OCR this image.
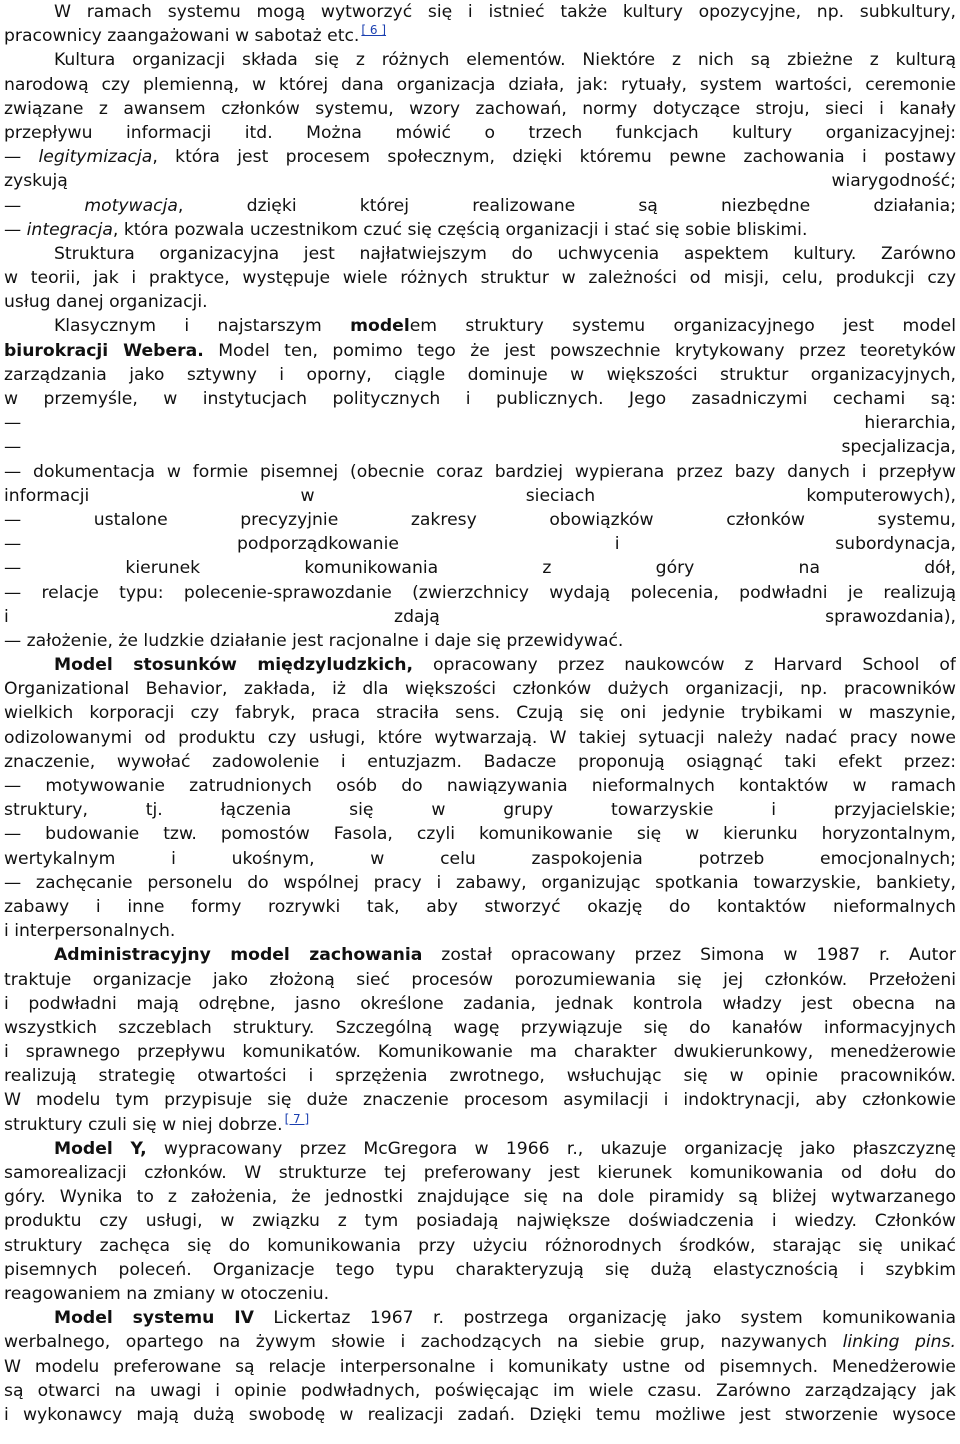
W ramach systemu mogą wytworzyć się i istnieć także kultury opozycyjne, np. subkultury,
pracownicy zaangażowani w sabotaż etc. [ 6 ]
Kultura organizacji składa się z różnych elementów. Niektóre z nich są zbieżne z kulturą
narodową czy plemienną, w której dana organizacja działa, jak: rytuały, system wartości, ceremonie
związane z awansem członków systemu, wzory zachowań, normy dotyczące stroju, sieci i kanały
przepływu informacji itd. Można mówić o trzech funkcjach kultury organizacyjnej:
— legitymizacja, która jest procesem społecznym, dzięki któremu pewne zachowania i postawy
zyskują wiarygodność;
— motywacja, dzięki której realizowane są niezbędne działania;
— integracja, która pozwala uczestnikom czuć się częścią organizacji i stać się sobie bliskimi.
Struktura organizacyjna jest najłatwiejszym do uchwycenia aspektem kultury. Zarówno
w teorii, jak i praktyce, występuje wiele różnych struktur w zależności od misji, celu, produkcji czy
usług danej organizacji.
Klasycznym i najstarszym modelem struktury systemu organizacyjnego jest model
biurokracji Webera. Model ten, pomimo tego że jest powszechnie krytykowany przez teoretyków
zarządzania jako sztywny i oporny, ciągle dominuje w większości struktur organizacyjnych,
w przemyśle, w instytucjach politycznych i publicznych. Jego zasadniczymi cechami są:
— hierarchia,
— specjalizacja,
— dokumentacja w formie pisemnej (obecnie coraz bardziej wypierana przez bazy danych i przepływ
informacji w sieciach komputerowych),
— ustalone precyzyjnie zakresy obowiązków członków systemu,
— podporządkowanie i subordynacja,
— kierunek komunikowania z góry na dół,
— relacje typu: polecenie-sprawozdanie (zwierzchnicy wydają polecenia, podwładni je realizują
i zdają sprawozdania),
— założenie, że ludzkie działanie jest racjonalne i daje się przewidywać.
Model stosunków międzyludzkich, opracowany przez naukowców z Harvard School of
Organizational Behavior, zakłada, iż dla większości członków dużych organizacji, np. pracowników
wielkich korporacji czy fabryk, praca straciła sens. Czują się oni jedynie trybikami w maszynie,
odizolowanymi od produktu czy usługi, które wytwarzają. W takiej sytuacji należy nadać pracy nowe
znaczenie, wywołać zadowolenie i entuzjazm. Badacze proponują osiągnąć taki efekt przez:
— motywowanie zatrudnionych osób do nawiązywania nieformalnych kontaktów w ramach
struktury, tj. łączenia się w grupy towarzyskie i przyjacielskie;
— budowanie tzw. pomostów Fasola, czyli komunikowanie się w kierunku horyzontalnym,
wertykalnym i ukośnym, w celu zaspokojenia potrzeb emocjonalnych;
— zachęcanie personelu do wspólnej pracy i zabawy, organizując spotkania towarzyskie, bankiety,
zabawy i inne formy rozrywki tak, aby stworzyć okazję do kontaktów nieformalnych
i interpersonalnych.
Administracyjny model zachowania został opracowany przez Simona w 1987 r. Autor
traktuje organizacje jako złożoną sieć procesów porozumiewania się jej członków. Przełożeni
i podwładni mają odrębne, jasno określone zadania, jednak kontrola władzy jest obecna na
wszystkich szczeblach struktury. Szczególną wagę przywiązuje się do kanałów informacyjnych
i sprawnego przepływu komunikatów. Komunikowanie ma charakter dwukierunkowy, menedżerowie
realizują strategię otwartości i sprzężenia zwrotnego, wsłuchując się w opinie pracowników.
W modelu tym przypisuje się duże znaczenie procesom asymilacji i indoktrynacji, aby członkowie
struktury czuli się w niej dobrze. [ 7 ]
Model Y, wypracowany przez McGregora w 1966 r., ukazuje organizację jako płaszczyznę
samorealizacji członków. W strukturze tej preferowany jest kierunek komunikowania od dołu do
góry. Wynika to z założenia, że jednostki znajdujące się na dole piramidy są bliżej wytwarzanego
produktu czy usługi, w związku z tym posiadają największe doświadczenia i wiedzy. Członków
struktury zachęca się do komunikowania przy użyciu różnorodnych środków, starając się unikać
pisemnych poleceń. Organizacje tego typu charakteryzują się dużą elastycznością i szybkim
reagowaniem na zmiany w otoczeniu.
Model systemu IV Lickertaz 1967 r. postrzega organizację jako system komunikowania
werbalnego, opartego na żywym słowie i zachodzących na siebie grup, nazywanych linking pins.
W modelu preferowane są relacje interpersonalne i komunikaty ustne od pisemnych. Menedżerowie
są otwarci na uwagi i opinie podwładnych, poświęcając im wiele czasu. Zarówno zarządzający jak
i wykonawcy mają dużą swobodę w realizacji zadań. Dzięki temu możliwe jest stworzenie wysoce
